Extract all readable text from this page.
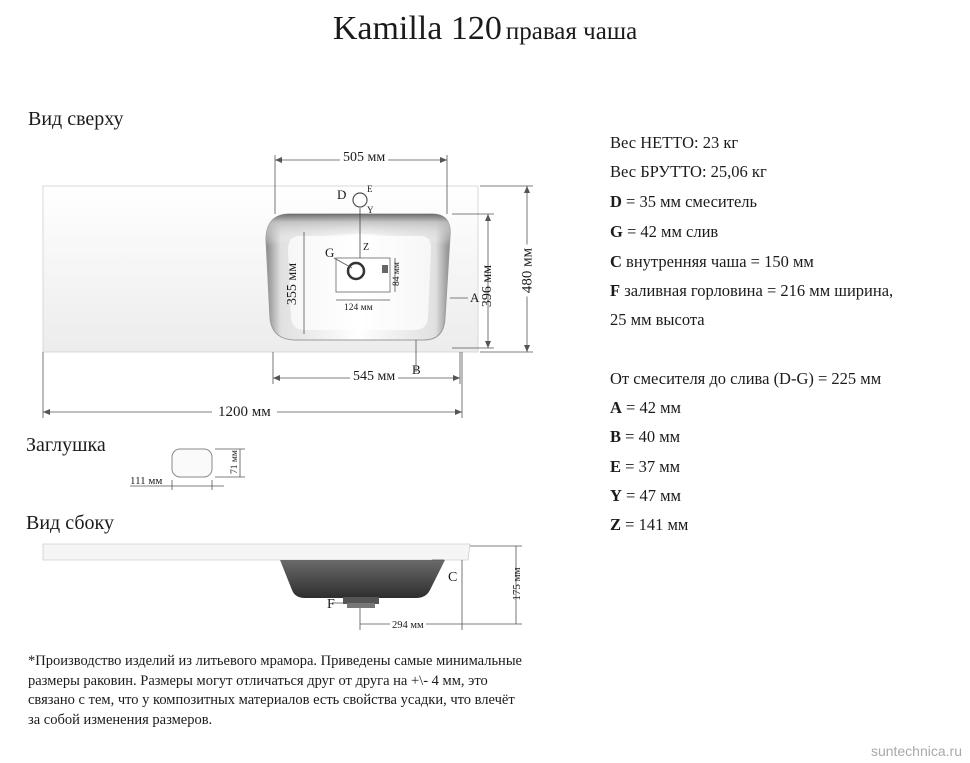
Kamilla 120 правая чаша
Вид сверху
Заглушка
Вид сбоку
Вес НЕТТО: 23 кг
Вес БРУТТО: 25,06 кг
D = 35 мм смеситель
G = 42 мм слив
C внутренняя чаша = 150 мм
F заливная горловина = 216 мм ширина,
25 мм высота
От смесителя до слива (D-G) = 225 мм
A = 42 мм
B = 40 мм
E = 37 мм
Y = 47 мм
Z = 141 мм
505 мм
355 мм	84 мм
124 мм
396 мм 480 мм
545 мм
1200 мм
111 мм
71 мм
175 мм
294 мм
D E
Y
Z
G
A
B
C
F
*Производство изделий из литьевого мрамора. Приведены самые минимальные размеры раковин. Размеры могут отличаться друг от друга на +\- 4 мм, это связано с тем, что у композитных материалов есть свойства усадки, что влечёт за собой изменения размеров.
suntechnica.ru
